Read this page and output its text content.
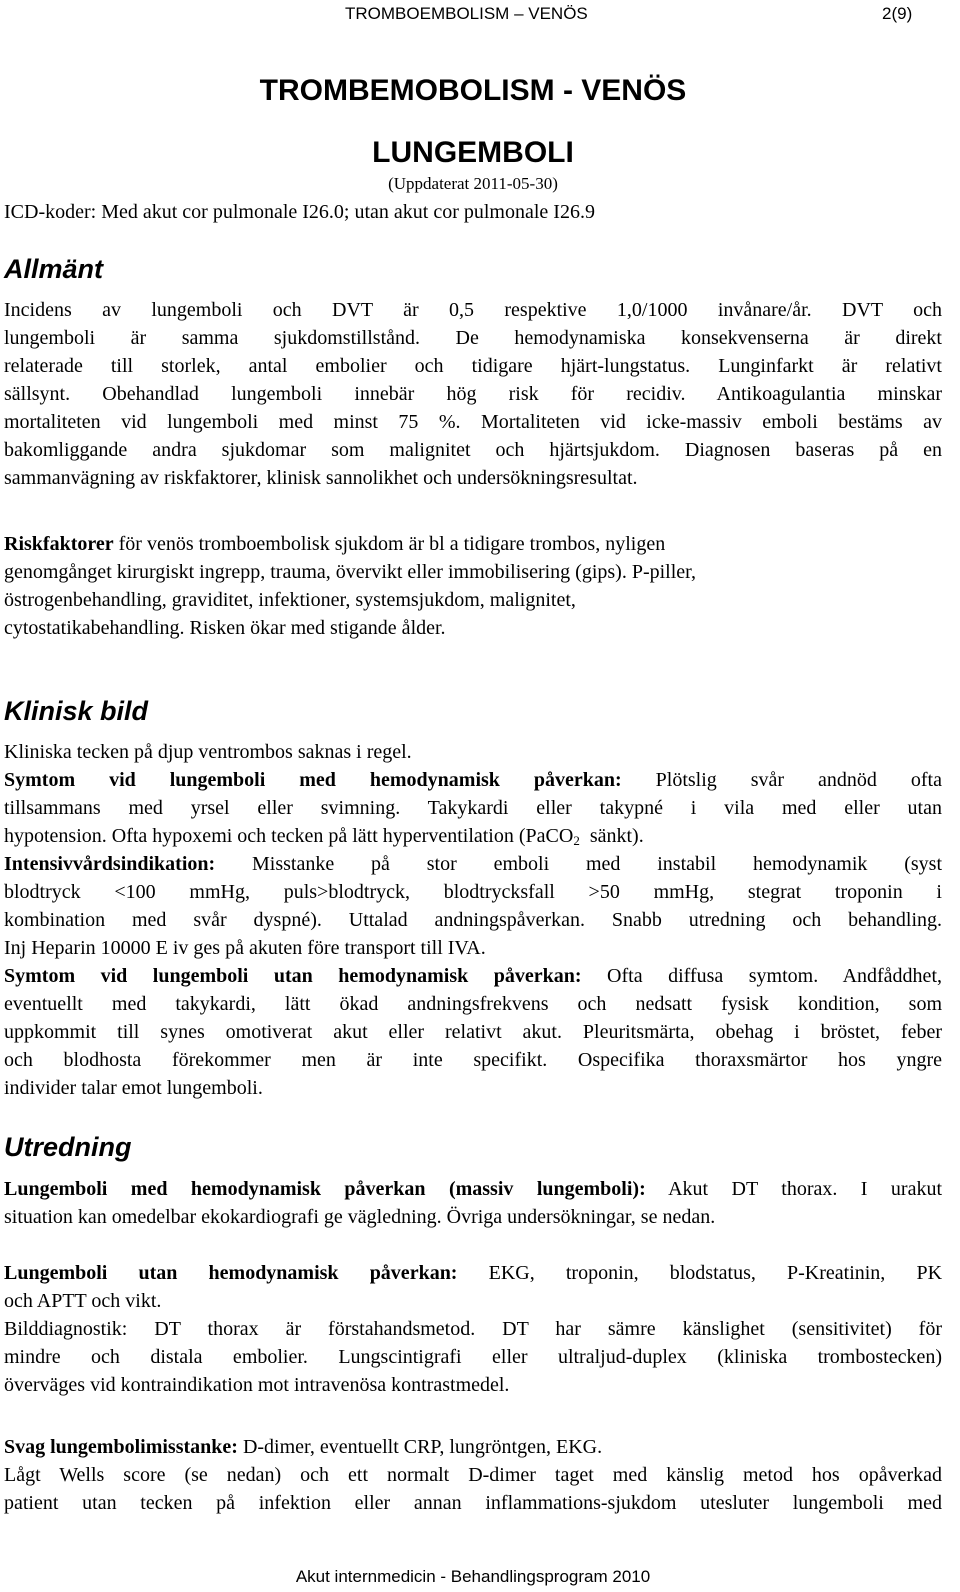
TROMBOEMBOLISM – VENÖS	2(9)
TROMBEMOBOLISM - VENÖS
LUNGEMBOLI
(Uppdaterat 2011-05-30)
ICD-koder: Med akut cor pulmonale I26.0; utan akut cor pulmonale I26.9
Allmänt
Incidens av lungemboli och DVT är 0,5 respektive 1,0/1000 invånare/år. DVT och
lungemboli är samma sjukdomstillstånd. De hemodynamiska konsekvenserna är direkt
relaterade till storlek, antal embolier och tidigare hjärt-lungstatus. Lunginfarkt är relativt
sällsynt. Obehandlad lungemboli innebär hög risk för recidiv. Antikoagulantia minskar
mortaliteten vid lungemboli med minst 75 %. Mortaliteten vid icke-massiv emboli bestäms av
bakomliggande andra sjukdomar som malignitet och hjärtsjukdom. Diagnosen baseras på en
sammanvägning av riskfaktorer, klinisk sannolikhet och undersökningsresultat.
Riskfaktorer för venös tromboembolisk sjukdom är bl a tidigare trombos, nyligen
genomgånget kirurgiskt ingrepp, trauma, övervikt eller immobilisering (gips). P-piller,
östrogenbehandling, graviditet, infektioner, systemsjukdom, malignitet,
cytostatikabehandling. Risken ökar med stigande ålder.
Klinisk bild
Kliniska tecken på djup ventrombos saknas i regel.
Symtom vid lungemboli med hemodynamisk påverkan: Plötslig svår andnöd ofta
tillsammans med yrsel eller svimning. Takykardi eller takypné i vila med eller utan
hypotension. Ofta hypoxemi och tecken på lätt hyperventilation (PaCO$_2$  sänkt).
Intensivvårdsindikation: Misstanke på stor emboli med instabil hemodynamik (syst
blodtryck <100 mmHg, puls>blodtryck, blodtrycksfall >50 mmHg, stegrat troponin i
kombination med svår dyspné). Uttalad andningspåverkan. Snabb utredning och behandling.
Inj Heparin 10000 E iv ges på akuten före transport till IVA.
Symtom vid lungemboli utan hemodynamisk påverkan: Ofta diffusa symtom. Andfåddhet,
eventuellt med takykardi, lätt ökad andningsfrekvens och nedsatt fysisk kondition, som
uppkommit till synes omotiverat akut eller relativt akut. Pleuritsmärta, obehag i bröstet, feber
och blodhosta förekommer men är inte specifikt. Ospecifika thoraxsmärtor hos yngre
individer talar emot lungemboli.
Utredning
Lungemboli med hemodynamisk påverkan (massiv lungemboli): Akut DT thorax. I urakut
situation kan omedelbar ekokardiografi ge vägledning. Övriga undersökningar, se nedan.
Lungemboli utan hemodynamisk påverkan: EKG, troponin, blodstatus, P-Kreatinin, PK
och APTT och vikt.
Bilddiagnostik: DT thorax är förstahandsmetod. DT har sämre känslighet (sensitivitet) för
mindre och distala embolier. Lungscintigrafi eller ultraljud-duplex (kliniska trombostecken)
överväges vid kontraindikation mot intravenösa kontrastmedel.
Svag lungembolimisstanke: D-dimer, eventuellt CRP, lungröntgen, EKG.
Lågt Wells score (se nedan) och ett normalt D-dimer taget med känslig metod hos opåverkad
patient utan tecken på infektion eller annan inflammations-sjukdom utesluter lungemboli med
Akut internmedicin - Behandlingsprogram 2010
